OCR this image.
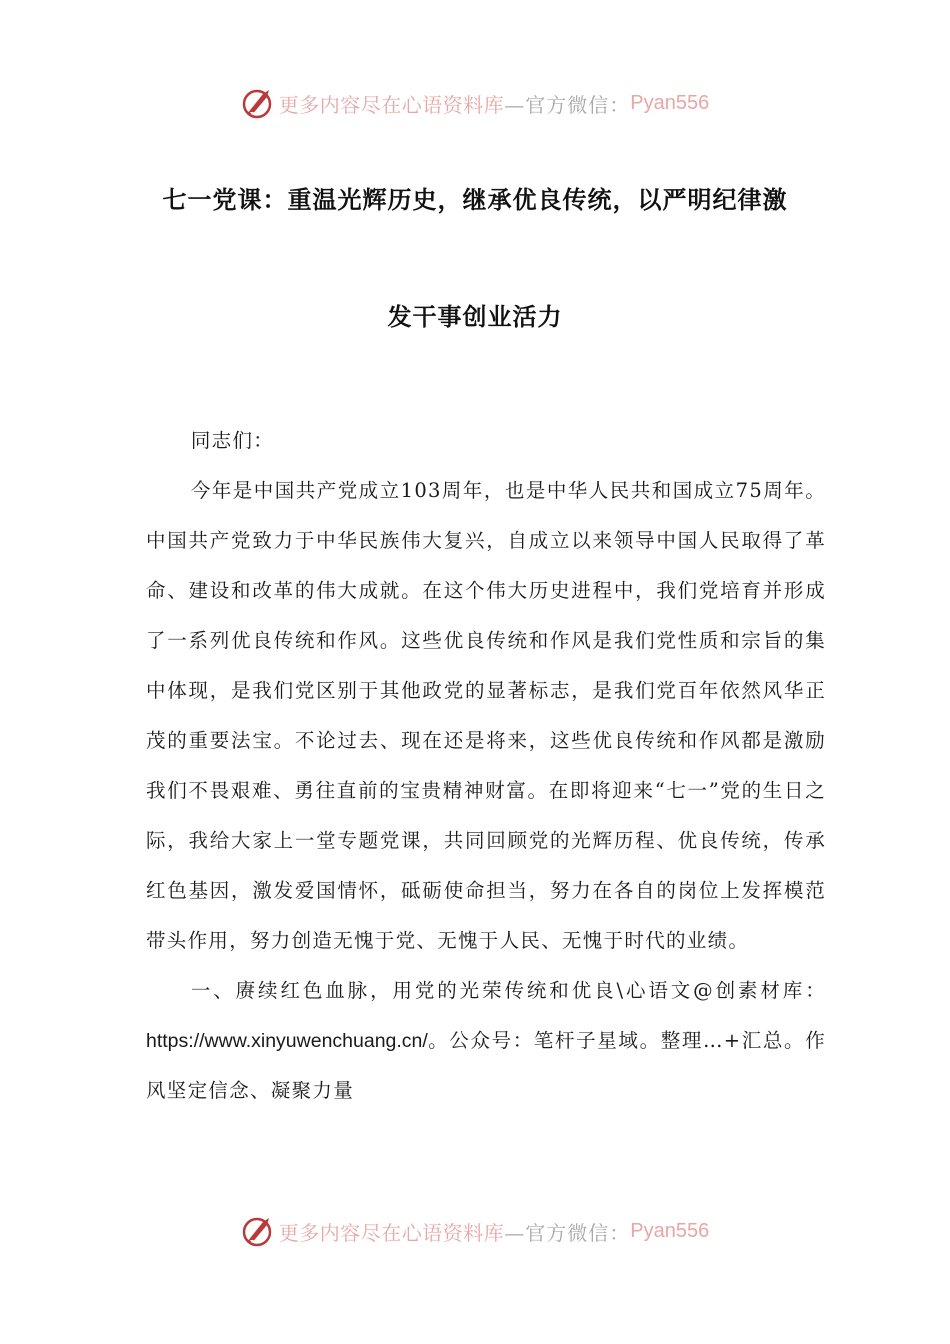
更多内容尽在心语资料库 —官方微信： Pyan556
七一党课：重温光辉历史，继承优良传统，以严明纪律激
发干事创业活力

同志们：

今年是中国共产党成立103周年，也是中华人民共和国成立75周年。中国共产党致力于中华民族伟大复兴，自成立以来领导中国人民取得了革命、建设和改革的伟大成就。在这个伟大历史进程中，我们党培育并形成了一系列优良传统和作风。这些优良传统和作风是我们党性质和宗旨的集中体现，是我们党区别于其他政党的显著标志，是我们党百年依然风华正茂的重要法宝。不论过去、现在还是将来，这些优良传统和作风都是激励我们不畏艰难、勇往直前的宝贵精神财富。在即将迎来“七一”党的生日之际，我给大家上一堂专题党课，共同回顾党的光辉历程、优良传统，传承红色基因，激发爱国情怀，砥砺使命担当，努力在各自的岗位上发挥模范带头作用，努力创造无愧于党、无愧于人民、无愧于时代的业绩。

一、赓续红色血脉，用党的光荣传统和优良\心语文@创素材库：https://www.xinyuwenchuang.cn/。公众号：笔杆子星域。整理…+汇总。作风坚定信念、凝聚力量

更多内容尽在心语资料库 —官方微信： Pyan556
